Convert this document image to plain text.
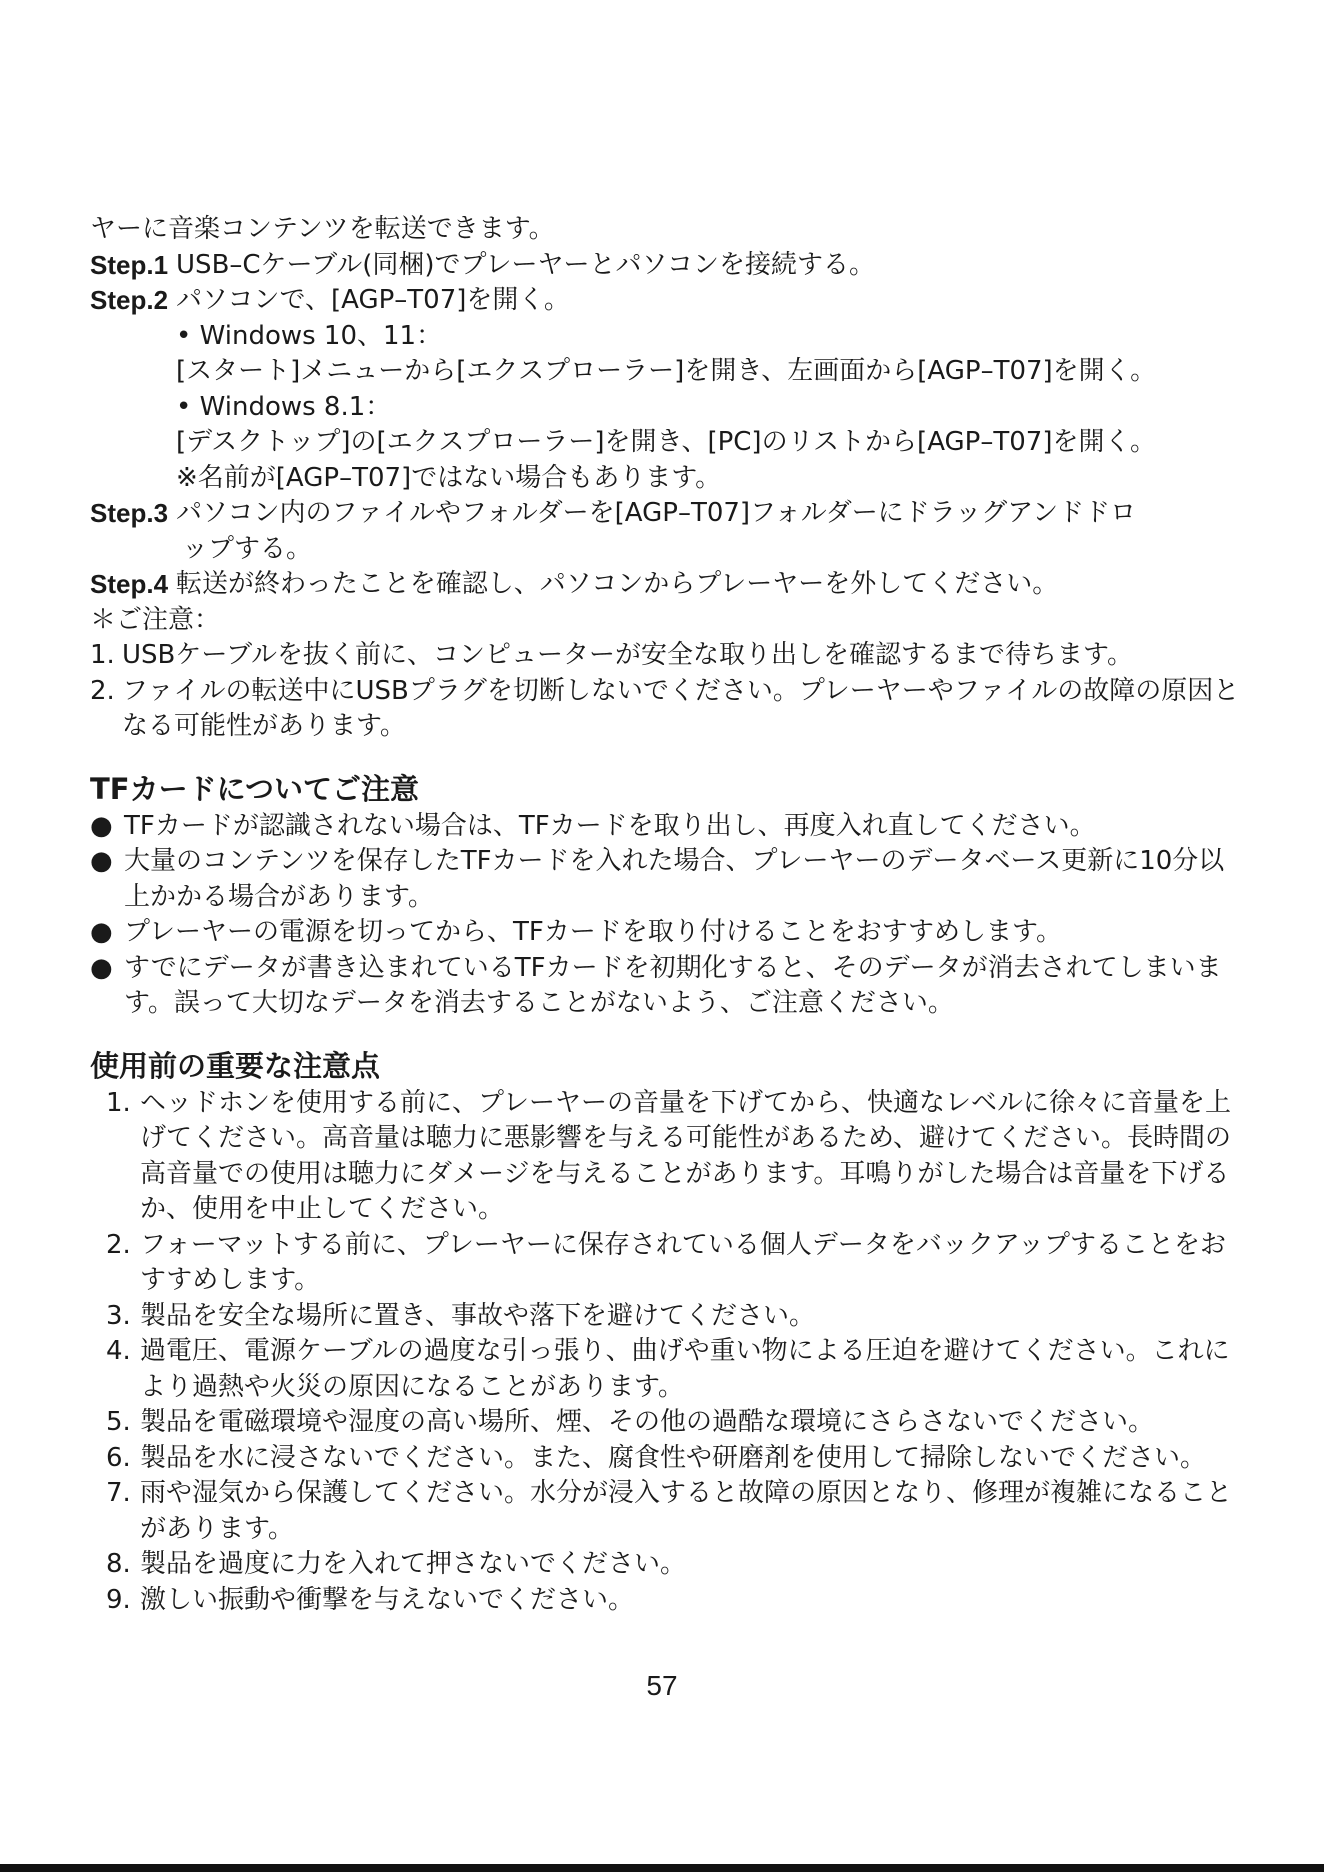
ヤーに音楽コンテンツを転送できます。
Step.1 USB–Cケーブル(同梱)でプレーヤーとパソコンを接続する。
Step.2 パソコンで、[AGP–T07]を開く。
• Windows 10、11：
[スタート]メニューから[エクスプローラー]を開き、左画面から[AGP–T07]を開く。
• Windows 8.1：
[デスクトップ]の[エクスプローラー]を開き、[PC]のリストから[AGP–T07]を開く。
※名前が[AGP–T07]ではない場合もあります。
Step.3 パソコン内のファイルやフォルダーを[AGP–T07]フォルダーにドラッグアンドドロ
ップする。
Step.4 転送が終わったことを確認し、パソコンからプレーヤーを外してください。
＊ご注意：
1. USBケーブルを抜く前に、コンピューターが安全な取り出しを確認するまで待ちます。
2. ファイルの転送中にUSBプラグを切断しないでください。プレーヤーやファイルの故障の原因となる可能性があります。
TFカードについてご注意
● TFカードが認識されない場合は、TFカードを取り出し、再度入れ直してください。
● 大量のコンテンツを保存したTFカードを入れた場合、プレーヤーのデータベース更新に10分以上かかる場合があります。
● プレーヤーの電源を切ってから、TFカードを取り付けることをおすすめします。
● すでにデータが書き込まれているTFカードを初期化すると、そのデータが消去されてしまいます。誤って大切なデータを消去することがないよう、ご注意ください。
使用前の重要な注意点
1. ヘッドホンを使用する前に、プレーヤーの音量を下げてから、快適なレベルに徐々に音量を上げてください。高音量は聴力に悪影響を与える可能性があるため、避けてください。長時間の高音量での使用は聴力にダメージを与えることがあります。耳鳴りがした場合は音量を下げるか、使用を中止してください。
2. フォーマットする前に、プレーヤーに保存されている個人データをバックアップすることをおすすめします。
3. 製品を安全な場所に置き、事故や落下を避けてください。
4. 過電圧、電源ケーブルの過度な引っ張り、曲げや重い物による圧迫を避けてください。これにより過熱や火災の原因になることがあります。
5. 製品を電磁環境や湿度の高い場所、煙、その他の過酷な環境にさらさないでください。
6. 製品を水に浸さないでください。また、腐食性や研磨剤を使用して掃除しないでください。
7. 雨や湿気から保護してください。水分が浸入すると故障の原因となり、修理が複雑になることがあります。
8. 製品を過度に力を入れて押さないでください。
9. 激しい振動や衝撃を与えないでください。
57
